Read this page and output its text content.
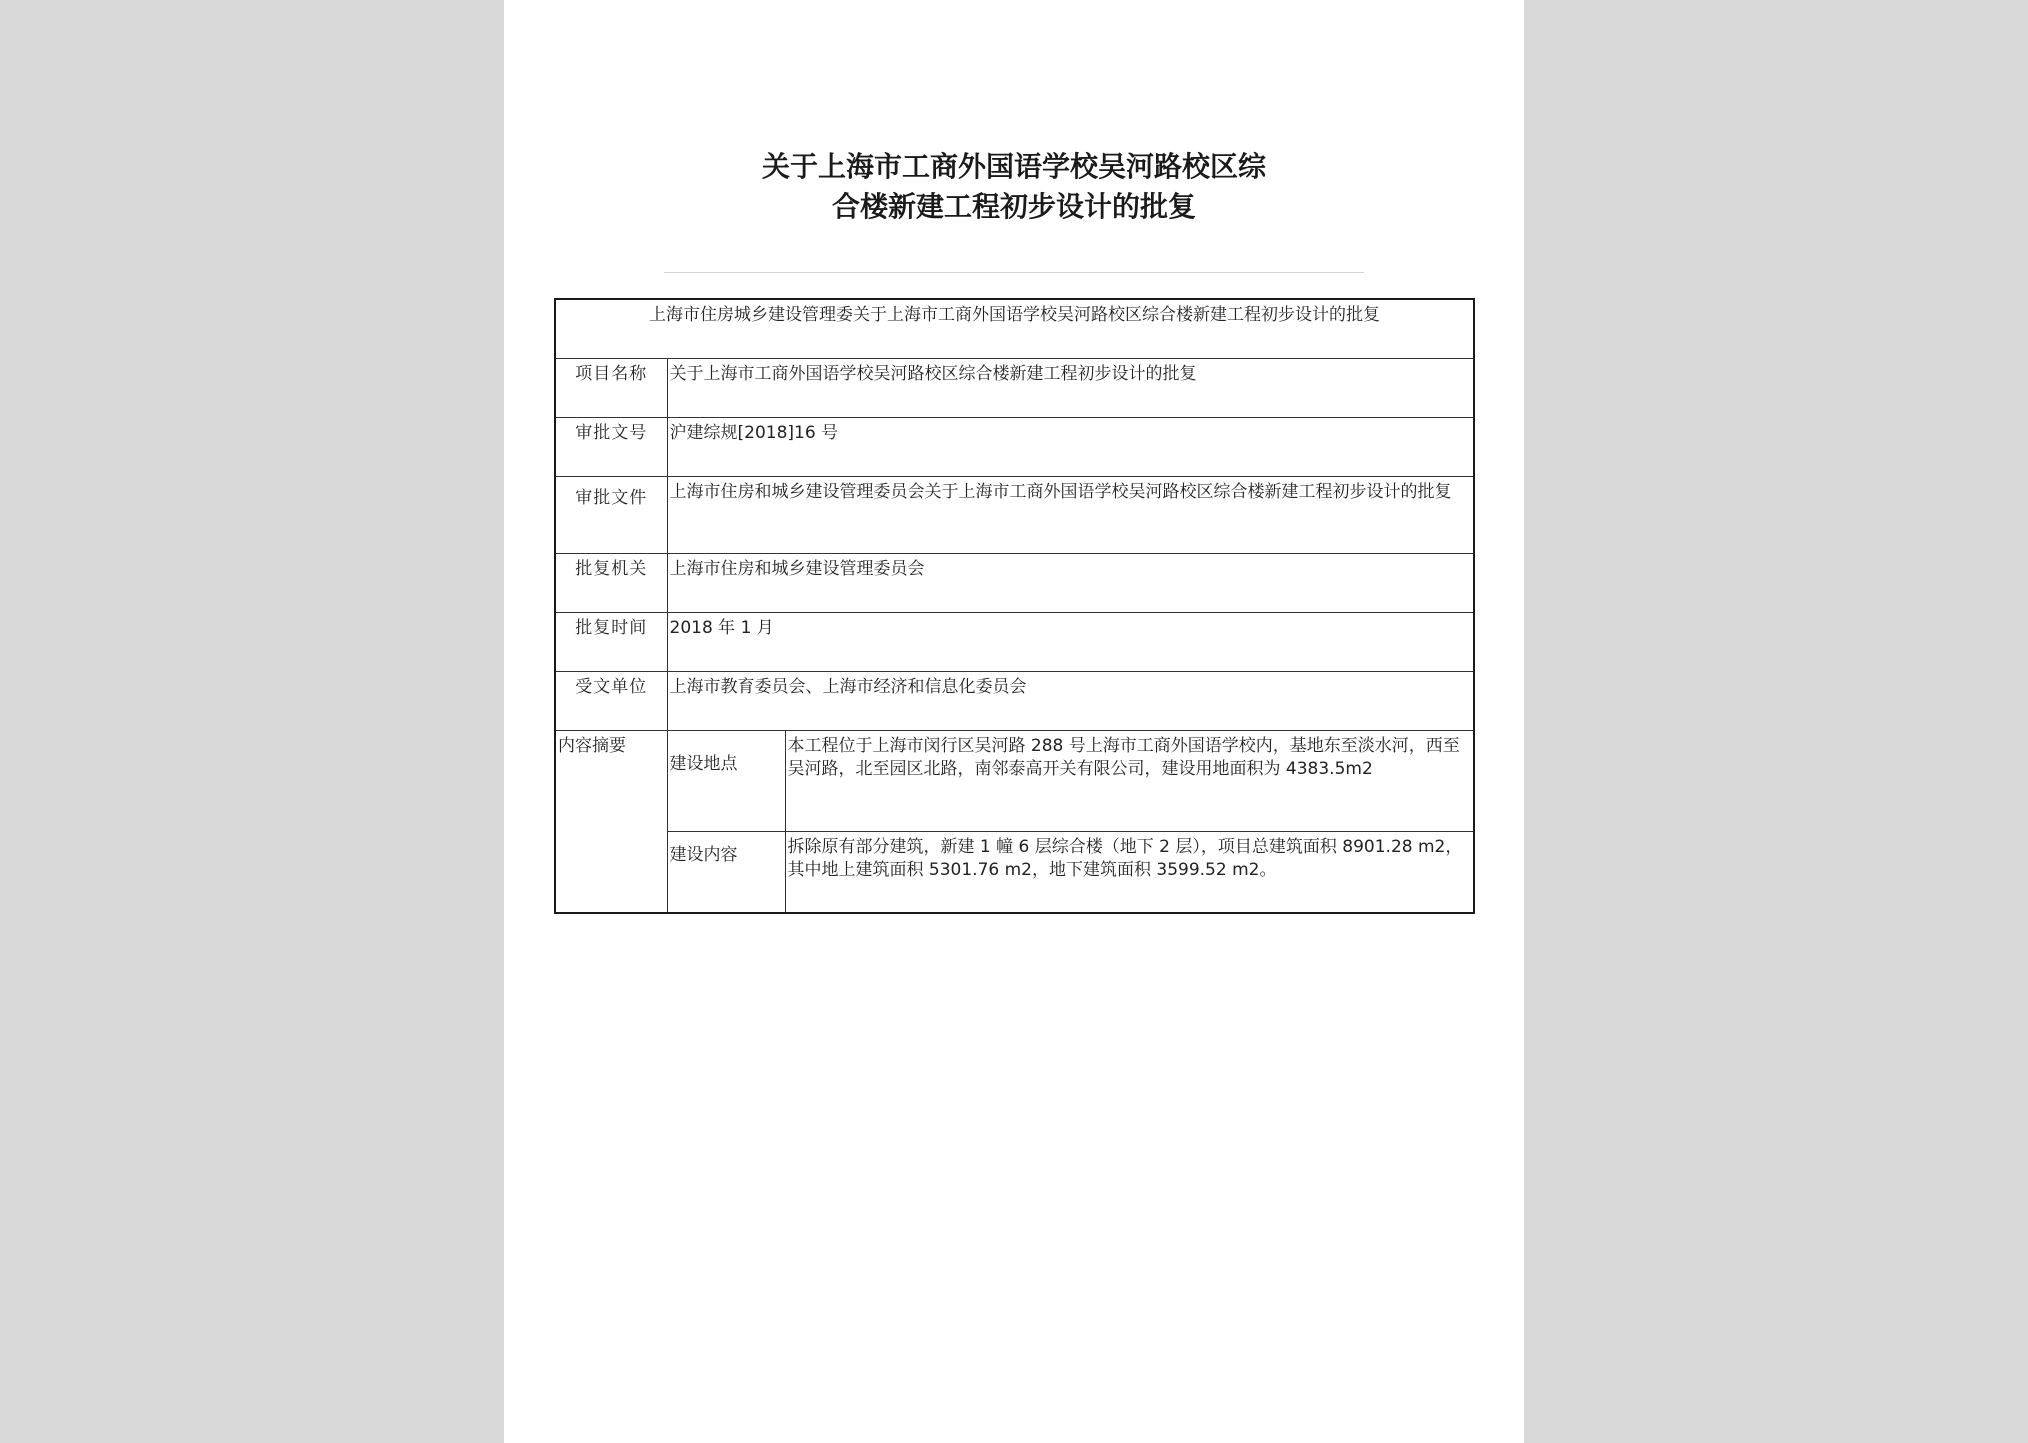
关于上海市工商外国语学校吴河路校区综
合楼新建工程初步设计的批复
上海市住房城乡建设管理委关于上海市工商外国语学校吴河路校区综合楼新建工程初步设计的批复		
项目名称	关于上海市工商外国语学校吴河路校区综合楼新建工程初步设计的批复	
审批文号	沪建综规[2018]16 号	
审批文件	上海市住房和城乡建设管理委员会关于上海市工商外国语学校吴河路校区综合楼新建工程初步设计的批复	
批复机关	上海市住房和城乡建设管理委员会	
批复时间	2018 年 1 月	
受文单位	上海市教育委员会、上海市经济和信息化委员会	
内容摘要	建设地点	本工程位于上海市闵行区吴河路 288 号上海市工商外国语学校内，基地东至淡水河，西至吴河路，北至园区北路，南邻泰高开关有限公司，建设用地面积为 4383.5m2
	建设内容	拆除原有部分建筑，新建 1 幢 6 层综合楼（地下 2 层），项目总建筑面积 8901.28 m2，其中地上建筑面积 5301.76 m2，地下建筑面积 3599.52 m2。
